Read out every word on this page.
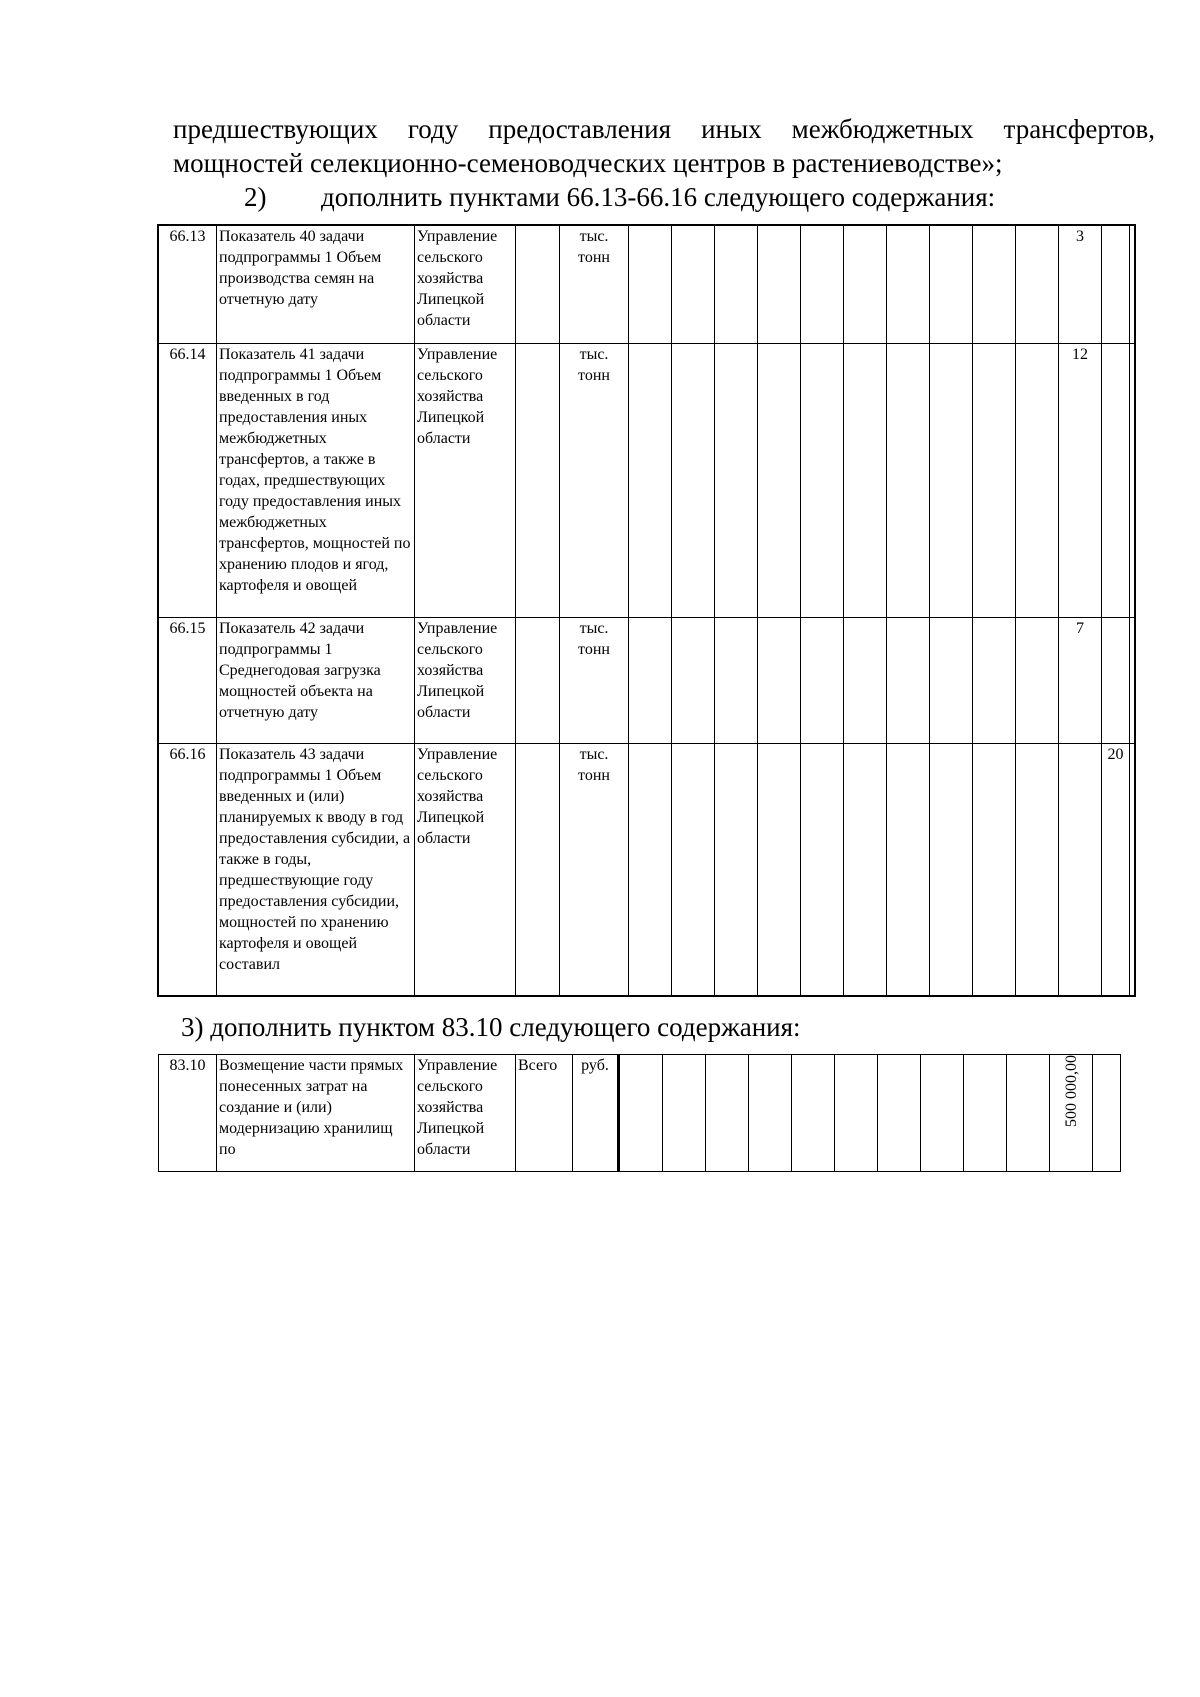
предшествующих году предоставления иных межбюджетных трансфертов,
мощностей селекционно-семеноводческих центров в растениеводстве»;
2) дополнить пунктами 66.13-66.16 следующего содержания:
66.13	Показатель 40 задачи подпрограммы 1 Объем производства семян на отчетную дату	Управление сельского хозяйства Липецкой области		тыс. тонн											3		
66.14	Показатель 41 задачи подпрограммы 1 Объем введенных в год предоставления иных межбюджетных трансфертов, а также в годах, предшествующих году предоставления иных межбюджетных трансфертов, мощностей по хранению плодов и ягод, картофеля и овощей	Управление сельского хозяйства Липецкой области		тыс. тонн											12		
66.15	Показатель 42 задачи подпрограммы 1 Среднегодовая загрузка мощностей объекта на отчетную дату	Управление сельского хозяйства Липецкой области		тыс. тонн											7		
66.16	Показатель 43 задачи подпрограммы 1 Объем введенных и (или) планируемых к вводу в год предоставления субсидии, а также в годы, предшествующие году предоставления субсидии, мощностей по хранению картофеля и овощей составил	Управление сельского хозяйства Липецкой области		тыс. тонн												20	
3) дополнить пунктом 83.10 следующего содержания:
83.10	Возмещение части прямых понесенных затрат на создание и (или) модернизацию хранилищ по	Управление сельского хозяйства Липецкой области	Всего	руб.											500 000,00	
